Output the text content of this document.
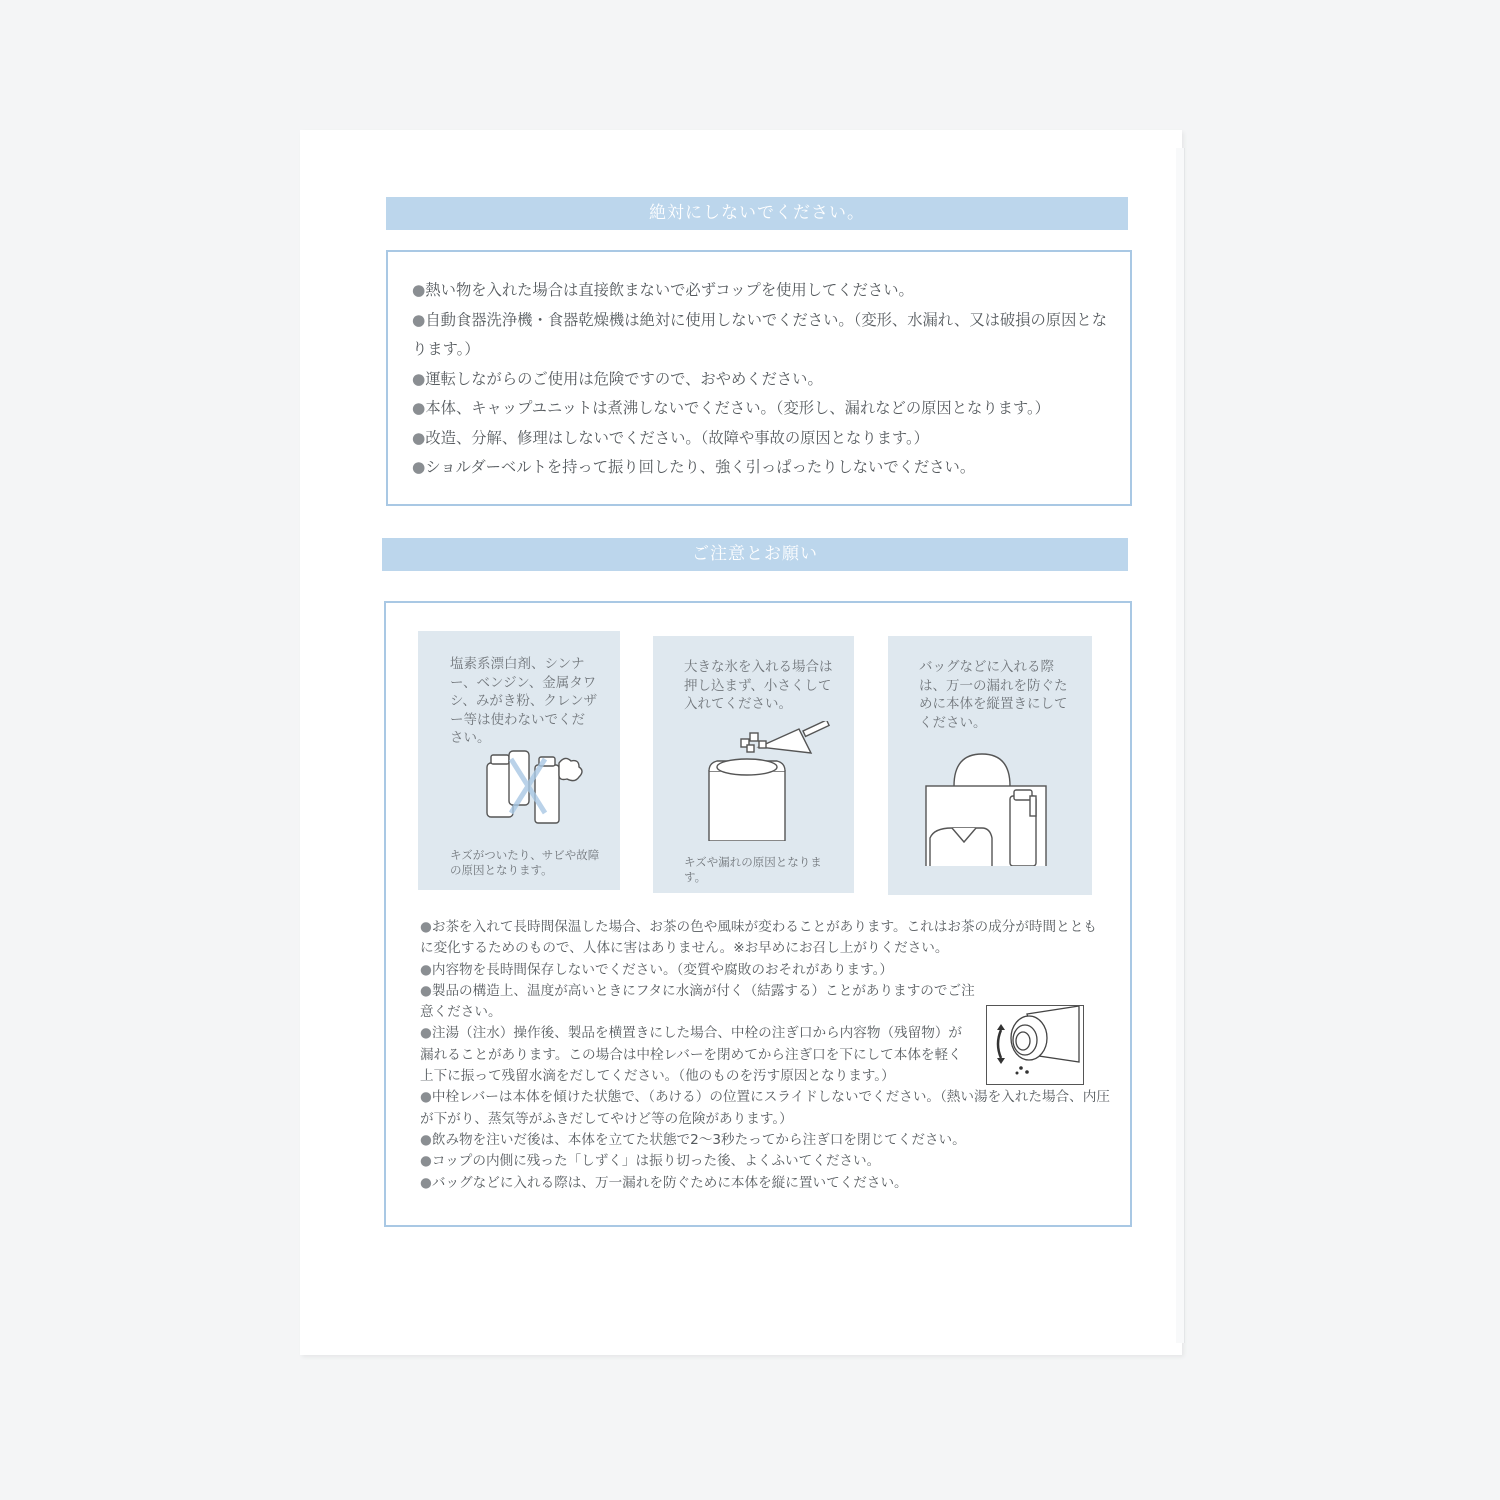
絶対にしないでください。
●熱い物を入れた場合は直接飲まないで必ずコップを使用してください。
●自動食器洗浄機・食器乾燥機は絶対に使用しないでください。（変形、水漏れ、又は破損の原因となります。）
●運転しながらのご使用は危険ですので、おやめください。
●本体、キャップユニットは煮沸しないでください。（変形し、漏れなどの原因となります。）
●改造、分解、修理はしないでください。（故障や事故の原因となります。）
●ショルダーベルトを持って振り回したり、強く引っぱったりしないでください。
ご注意とお願い
塩素系漂白剤、シンナー、ベンジン、金属タワシ、みがき粉、クレンザー等は使わないでください。
キズがついたり、サビや故障の原因となります。
大きな氷を入れる場合は押し込まず、小さくして入れてください。
キズや漏れの原因となります。
バッグなどに入れる際は、万一の漏れを防ぐために本体を縦置きにしてください。
●お茶を入れて長時間保温した場合、お茶の色や風味が変わることがあります。これはお茶の成分が時間とともに変化するためのもので、人体に害はありません。※お早めにお召し上がりください。
●内容物を長時間保存しないでください。（変質や腐敗のおそれがあります。）
●製品の構造上、温度が高いときにフタに水滴が付く（結露する）ことがありますのでご注意ください。
●注湯（注水）操作後、製品を横置きにした場合、中栓の注ぎ口から内容物（残留物）が漏れることがあります。この場合は中栓レバーを閉めてから注ぎ口を下にして本体を軽く上下に振って残留水滴をだしてください。（他のものを汚す原因となります。）
●中栓レバーは本体を傾けた状態で、（あける）の位置にスライドしないでください。（熱い湯を入れた場合、内圧が下がり、蒸気等がふきだしてやけど等の危険があります。）
●飲み物を注いだ後は、本体を立てた状態で2〜3秒たってから注ぎ口を閉じてください。
●コップの内側に残った「しずく」は振り切った後、よくふいてください。
●バッグなどに入れる際は、万一漏れを防ぐために本体を縦に置いてください。
